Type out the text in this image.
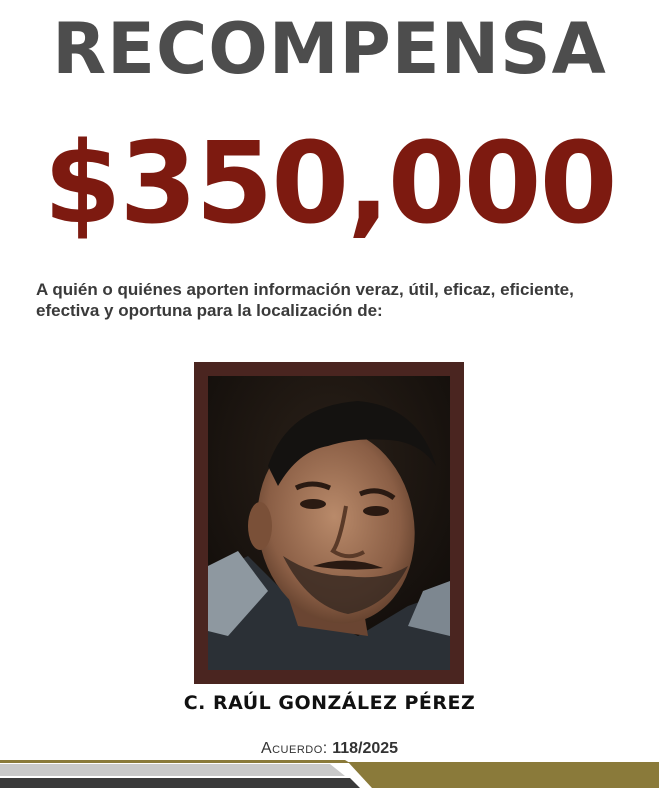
RECOMPENSA
$350,000
A quién o quiénes aporten información veraz, útil, eficaz, eficiente, efectiva y oportuna para la localización de:
C. RAÚL GONZÁLEZ PÉREZ
Acuerdo: 118/2025
